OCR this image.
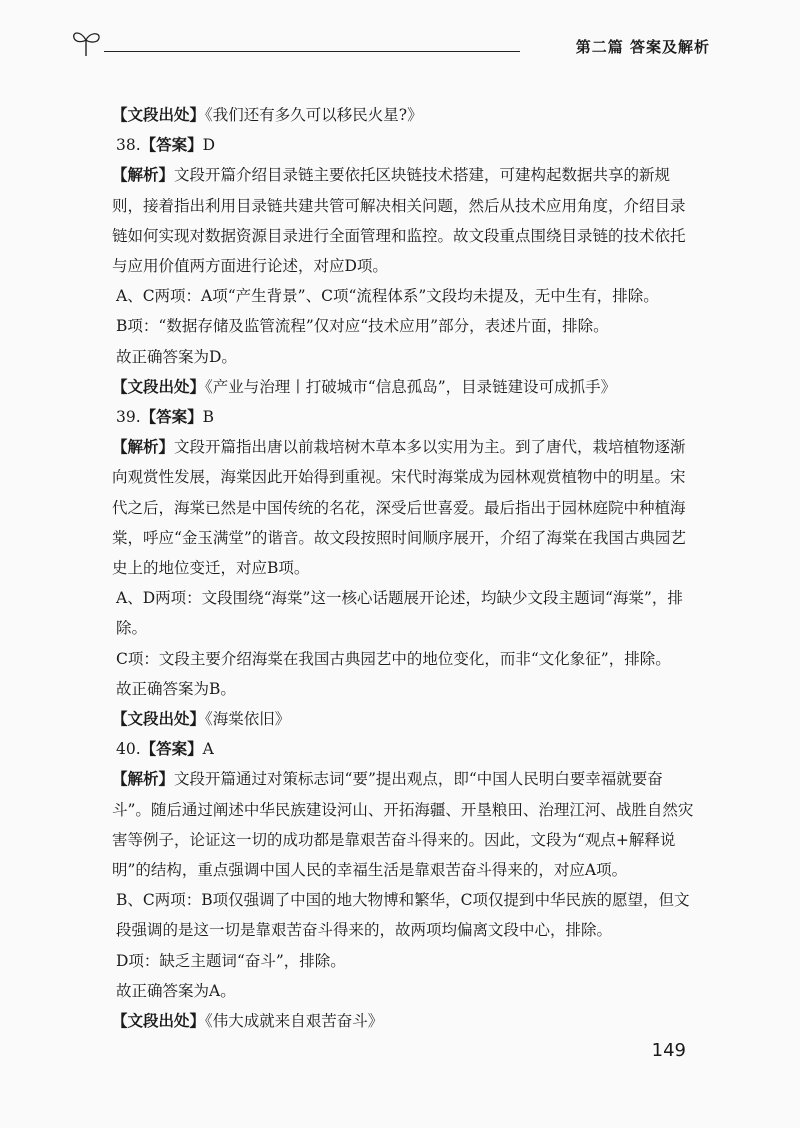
第二篇 答案及解析

【文段出处】《我们还有多久可以移民火星?》

38.【答案】D

【解析】文段开篇介绍目录链主要依托区块链技术搭建，可建构起数据共享的新规则，接着指出利用目录链共建共管可解决相关问题，然后从技术应用角度，介绍目录链如何实现对数据资源目录进行全面管理和监控。故文段重点围绕目录链的技术依托与应用价值两方面进行论述，对应D项。

A、C两项：A项“产生背景”、C项“流程体系”文段均未提及，无中生有，排除。

B项：“数据存储及监管流程”仅对应“技术应用”部分，表述片面，排除。

故正确答案为D。

【文段出处】《产业与治理丨打破城市“信息孤岛”，目录链建设可成抓手》

39.【答案】B

【解析】文段开篇指出唐以前栽培树木草本多以实用为主。到了唐代，栽培植物逐渐向观赏性发展，海棠因此开始得到重视。宋代时海棠成为园林观赏植物中的明星。宋代之后，海棠已然是中国传统的名花，深受后世喜爱。最后指出于园林庭院中种植海棠，呼应“金玉满堂”的谐音。故文段按照时间顺序展开，介绍了海棠在我国古典园艺史上的地位变迁，对应B项。

A、D两项：文段围绕“海棠”这一核心话题展开论述，均缺少文段主题词“海棠”，排除。

C项：文段主要介绍海棠在我国古典园艺中的地位变化，而非“文化象征”，排除。

故正确答案为B。

【文段出处】《海棠依旧》

40.【答案】A

【解析】文段开篇通过对策标志词“要”提出观点，即“中国人民明白要幸福就要奋斗”。随后通过阐述中华民族建设河山、开拓海疆、开垦粮田、治理江河、战胜自然灾害等例子，论证这一切的成功都是靠艰苦奋斗得来的。因此，文段为“观点+解释说明”的结构，重点强调中国人民的幸福生活是靠艰苦奋斗得来的，对应A项。

B、C两项：B项仅强调了中国的地大物博和繁华，C项仅提到中华民族的愿望，但文段强调的是这一切是靠艰苦奋斗得来的，故两项均偏离文段中心，排除。

D项：缺乏主题词“奋斗”，排除。

故正确答案为A。

【文段出处】《伟大成就来自艰苦奋斗》

149
